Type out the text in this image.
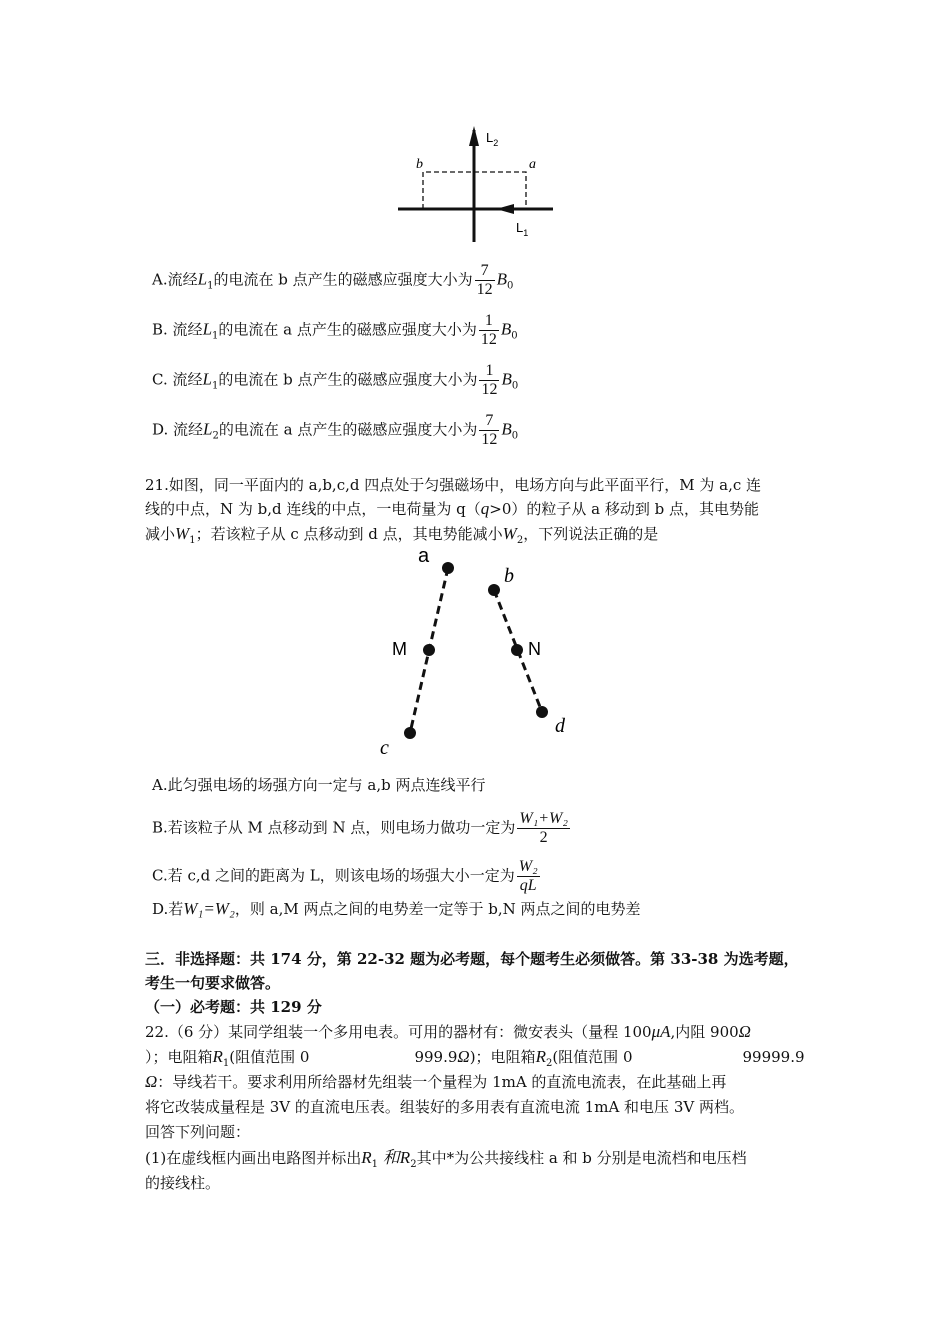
$L_2$
$L_1$
b	a
A.流经$L_1$的电流在 b 点产生的磁感应强度大小为 $\frac{7}{12} B_0$
B. 流经$L_1$的电流在 a 点产生的磁感应强度大小为 $\frac{1}{12} B_0$
C. 流经$L_1$的电流在 b 点产生的磁感应强度大小为 $\frac{1}{12} B_0$
D. 流经$L_2$的电流在 a 点产生的磁感应强度大小为 $\frac{7}{12} B_0$
21.如图，同一平面内的 a,b,c,d 四点处于匀强磁场中，电场方向与此平面平行，M 为 a,c 连
线的中点，N 为 b,d 连线的中点，一电荷量为 q（q>0）的粒子从 a 移动到 b 点，其电势能
减小$W_1$；若该粒子从 c 点移动到 d 点，其电势能减小$W_2$，下列说法正确的是
a
b
M	N
c
d
A.此匀强电场的场强方向一定与 a,b 两点连线平行
B.若该粒子从 M 点移动到 N 点，则电场力做功一定为 $\frac{\text{W₁+W₂}}{2}$
C.若 c,d 之间的距离为 L，则该电场的场强大小一定为 $\frac{\text{W₂}}{qL}$
D.若W₁=W₂，则 a,M 两点之间的电势差一定等于 b,N 两点之间的电势差
三．非选择题：共 174 分，第 22-32 题为必考题，每个题考生必须做答。第 33-38 为选考题，
考生一句要求做答。
（一）必考题：共 129 分
22.（6 分）某同学组装一个多用电表。可用的器材有：微安表头（量程 100μA,内阻 900Ω
）；电阻箱$R_1$(阻值范围 0	999.9Ω)；电阻箱$R_2$(阻值范围 0	99999.9
Ω：导线若干。要求利用所给器材先组装一个量程为 1mA 的直流电流表，在此基础上再
将它改装成量程是 3V 的直流电压表。组装好的多用表有直流电流 1mA 和电压 3V 两档。
回答下列问题：
(1)在虚线框内画出电路图并标出$R_1$ 和$R_2$其中*为公共接线柱 a 和 b 分别是电流档和电压档
的接线柱。
